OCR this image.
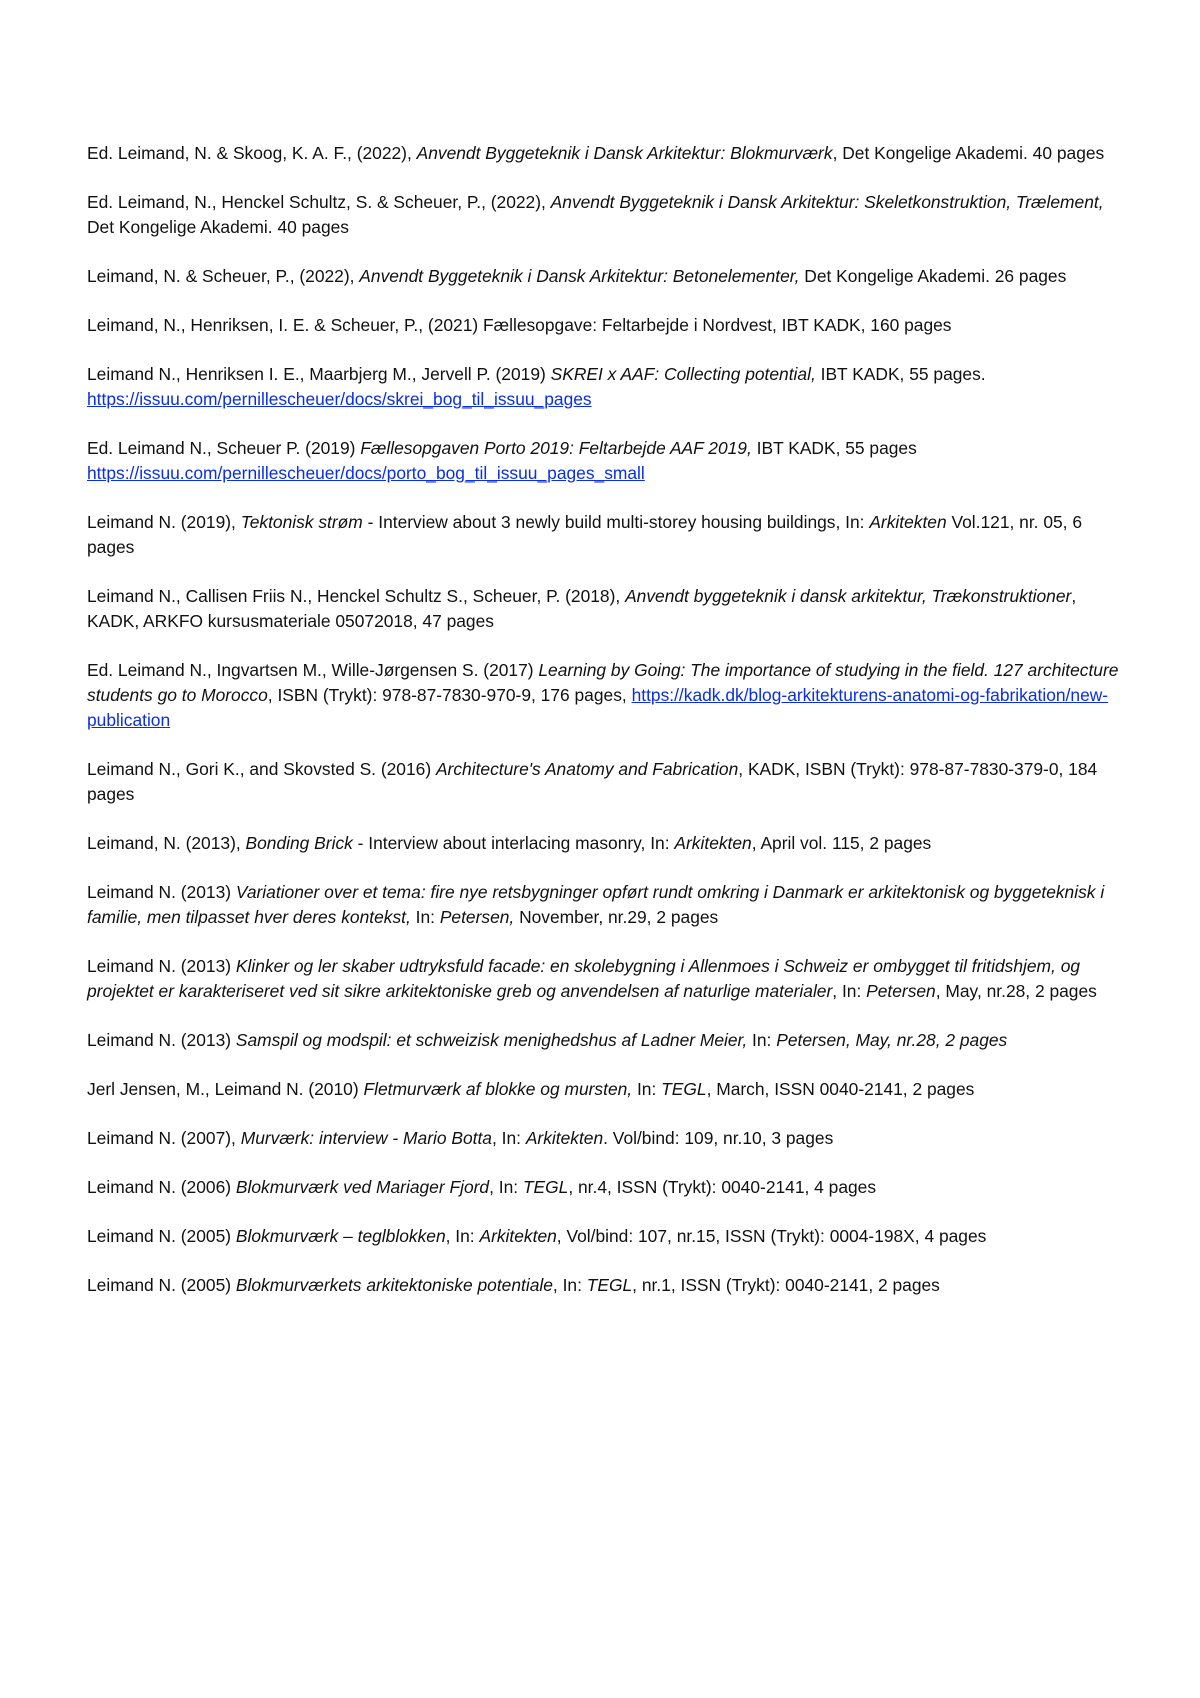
Ed. Leimand, N. & Skoog, K. A. F., (2022), Anvendt Byggeteknik i Dansk Arkitektur: Blokmurværk, Det Kongelige Akademi. 40 pages

Ed. Leimand, N., Henckel Schultz, S. & Scheuer, P., (2022), Anvendt Byggeteknik i Dansk Arkitektur: Skeletkonstruktion, Trælement, Det Kongelige Akademi. 40 pages

Leimand, N. & Scheuer, P., (2022), Anvendt Byggeteknik i Dansk Arkitektur: Betonelementer, Det Kongelige Akademi. 26 pages

Leimand, N., Henriksen, I. E. & Scheuer, P., (2021) Fællesopgave: Feltarbejde i Nordvest, IBT KADK, 160 pages

Leimand N., Henriksen I. E., Maarbjerg M., Jervell P. (2019) SKREI x AAF: Collecting potential, IBT KADK, 55 pages.
https://issuu.com/pernillescheuer/docs/skrei_bog_til_issuu_pages

Ed. Leimand N., Scheuer P. (2019) Fællesopgaven Porto 2019: Feltarbejde AAF 2019, IBT KADK, 55 pages
https://issuu.com/pernillescheuer/docs/porto_bog_til_issuu_pages_small

Leimand N. (2019), Tektonisk strøm - Interview about 3 newly build multi-storey housing buildings, In: Arkitekten Vol.121, nr. 05, 6 pages

Leimand N., Callisen Friis N., Henckel Schultz S., Scheuer, P. (2018), Anvendt byggeteknik i dansk arkitektur, Trækonstruktioner, KADK, ARKFO kursusmateriale 05072018, 47 pages

Ed. Leimand N., Ingvartsen M., Wille-Jørgensen S. (2017) Learning by Going: The importance of studying in the field. 127 architecture students go to Morocco, ISBN (Trykt): 978-87-7830-970-9, 176 pages, https://kadk.dk/blog-arkitekturens-anatomi-og-fabrikation/new-publication

Leimand N., Gori K., and Skovsted S. (2016) Architecture's Anatomy and Fabrication, KADK, ISBN (Trykt): 978-87-7830-379-0, 184 pages

Leimand, N. (2013), Bonding Brick - Interview about interlacing masonry, In: Arkitekten, April vol. 115, 2 pages

Leimand N. (2013) Variationer over et tema: fire nye retsbygninger opført rundt omkring i Danmark er arkitektonisk og byggeteknisk i familie, men tilpasset hver deres kontekst, In: Petersen, November, nr.29, 2 pages

Leimand N. (2013) Klinker og ler skaber udtryksfuld facade: en skolebygning i Allenmoes i Schweiz er ombygget til fritidshjem, og projektet er karakteriseret ved sit sikre arkitektoniske greb og anvendelsen af naturlige materialer, In: Petersen, May, nr.28, 2 pages

Leimand N. (2013) Samspil og modspil: et schweizisk menighedshus af Ladner Meier, In: Petersen, May, nr.28, 2 pages

Jerl Jensen, M., Leimand N. (2010) Fletmurværk af blokke og mursten, In: TEGL, March, ISSN 0040-2141, 2 pages

Leimand N. (2007), Murværk: interview - Mario Botta, In: Arkitekten. Vol/bind: 109, nr.10, 3 pages

Leimand N. (2006) Blokmurværk ved Mariager Fjord, In: TEGL, nr.4, ISSN (Trykt): 0040-2141, 4 pages

Leimand N. (2005) Blokmurværk – teglblokken, In: Arkitekten, Vol/bind: 107, nr.15, ISSN (Trykt): 0004-198X, 4 pages

Leimand N. (2005) Blokmurværkets arkitektoniske potentiale, In: TEGL, nr.1, ISSN (Trykt): 0040-2141, 2 pages
